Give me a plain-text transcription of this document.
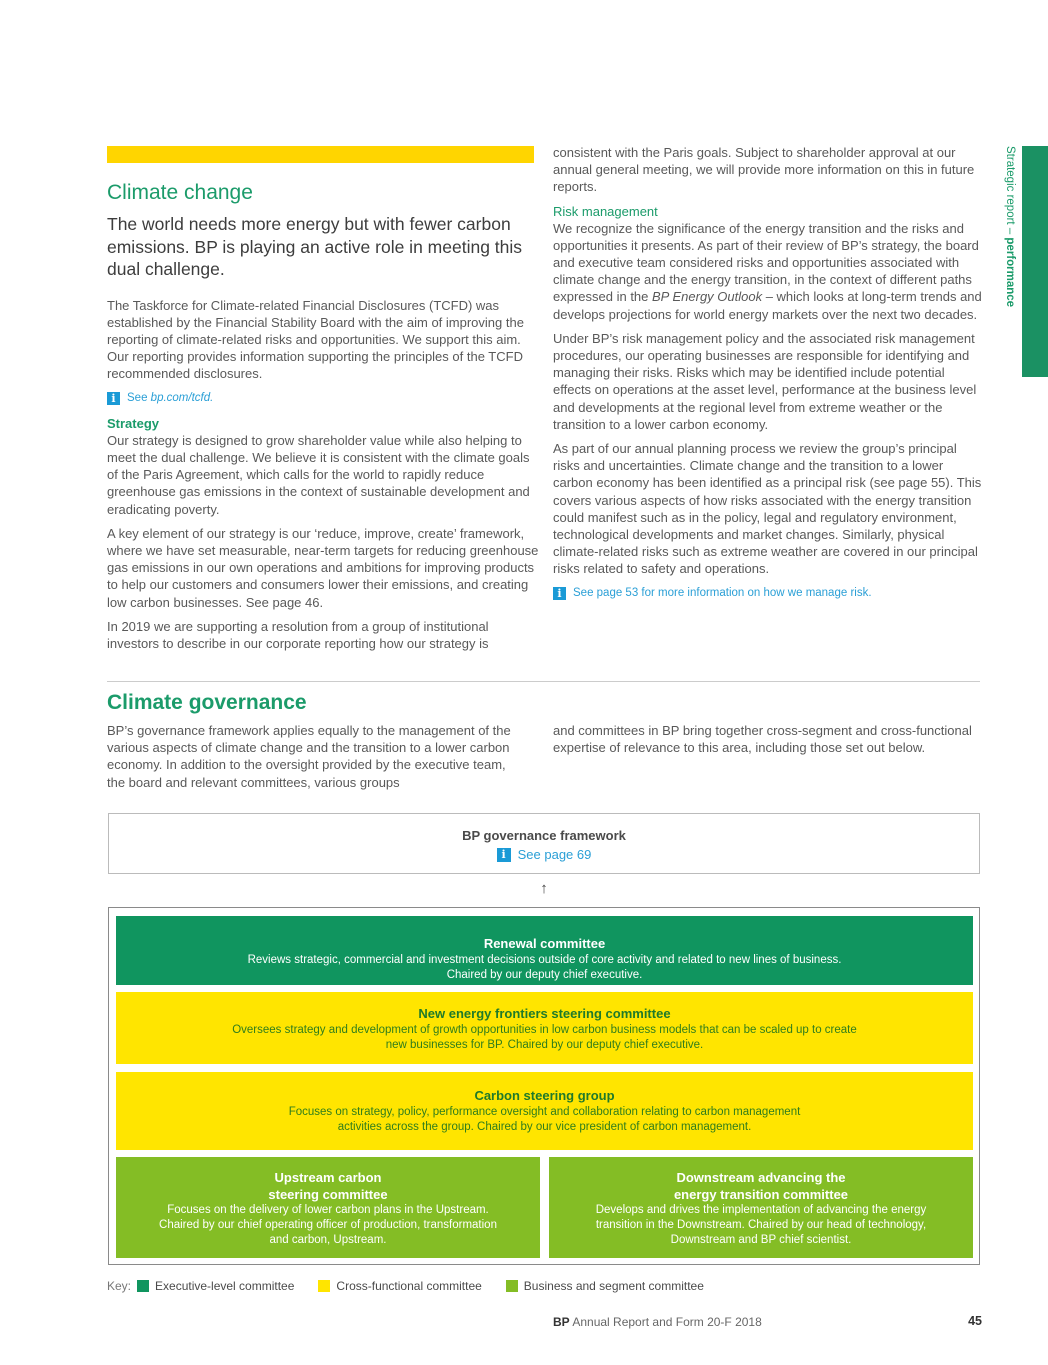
Strategic report – performance
Climate change
The world needs more energy but with fewer carbon emissions. BP is playing an active role in meeting this dual challenge.

The Taskforce for Climate-related Financial Disclosures (TCFD) was established by the Financial Stability Board with the aim of improving the reporting of climate-related risks and opportunities. We support this aim. Our reporting provides information supporting the principles of the TCFD recommended disclosures.

i See bp.com/tcfd.
Strategy

Our strategy is designed to grow shareholder value while also helping to meet the dual challenge. We believe it is consistent with the climate goals of the Paris Agreement, which calls for the world to rapidly reduce greenhouse gas emissions in the context of sustainable development and eradicating poverty.

A key element of our strategy is our ‘reduce, improve, create’ framework, where we have set measurable, near-term targets for reducing greenhouse gas emissions in our own operations and ambitions for improving products to help our customers and consumers lower their emissions, and creating low carbon businesses. See page 46.

In 2019 we are supporting a resolution from a group of institutional investors to describe in our corporate reporting how our strategy is

consistent with the Paris goals. Subject to shareholder approval at our annual general meeting, we will provide more information on this in future reports.

Risk management

We recognize the significance of the energy transition and the risks and opportunities it presents. As part of their review of BP’s strategy, the board and executive team considered risks and opportunities associated with climate change and the energy transition, in the context of different paths expressed in the BP Energy Outlook – which looks at long-term trends and develops projections for world energy markets over the next two decades.

Under BP’s risk management policy and the associated risk management procedures, our operating businesses are responsible for identifying and managing their risks. Risks which may be identified include potential effects on operations at the asset level, performance at the business level and developments at the regional level from extreme weather or the transition to a lower carbon economy.

As part of our annual planning process we review the group’s principal risks and uncertainties. Climate change and the transition to a lower carbon economy has been identified as a principal risk (see page 55). This covers various aspects of how risks associated with the energy transition could manifest such as in the policy, legal and regulatory environment, technological developments and market changes. Similarly, physical climate-related risks such as extreme weather are covered in our principal risks related to safety and operations.

i See page 53 for more information on how we manage risk.
Climate governance

BP’s governance framework applies equally to the management of the various aspects of climate change and the transition to a lower carbon economy. In addition to the oversight provided by the executive team, the board and relevant committees, various groups

and committees in BP bring together cross-segment and cross-functional expertise of relevance to this area, including those set out below.

BP governance framework
i See page 69
↑
Renewal committee
Reviews strategic, commercial and investment decisions outside of core activity and related to new lines of business.
Chaired by our deputy chief executive.
New energy frontiers steering committee
Oversees strategy and development of growth opportunities in low carbon business models that can be scaled up to create
new businesses for BP. Chaired by our deputy chief executive.
Carbon steering group
Focuses on strategy, policy, performance oversight and collaboration relating to carbon management
activities across the group. Chaired by our vice president of carbon management.
Upstream carbon
steering committee
Focuses on the delivery of lower carbon plans in the Upstream.
Chaired by our chief operating officer of production, transformation
and carbon, Upstream.
Downstream advancing the
energy transition committee
Develops and drives the implementation of advancing the energy
transition in the Downstream. Chaired by our head of technology,
Downstream and BP chief scientist.
Key: Executive-level committee	Cross-functional committee	Business and segment committee
BP Annual Report and Form 20-F 2018	45
